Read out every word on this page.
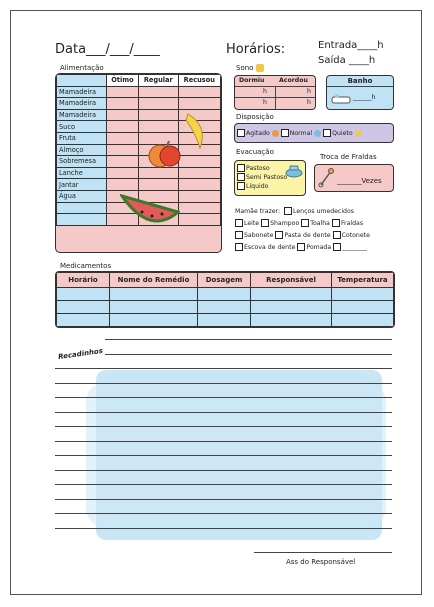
Data___/___/____	Horários:	Entrada____h
Saída ____h
Alimentação
	Ótimo	Regular	Recusou
Mamadeira			
Mamadeira			
Mamadeira			
Suco			
Fruta			
Almoço			
Sobremesa			
Lanche			
Jantar			
Água			

Sono
Dormiu Acordou
h	h
h	h
Banho
______h
Disposição
Agitado	Normal	Quieto
Evacuação
Pastoso
Semi Pastoso
Líquido
Troca de Fraldas
_______Vezes
Mamãe trazer: Lenços umedecidos
Leite Shampoo Toalha Fraldas
Sabonete Pasta de dente Cotonete
Escova de dente Pomada ________
Medicamentos
Horário	Nome do Remédio	Dosagem	Responsável	Temperatura

Recadinhos
Ass do Responsável
